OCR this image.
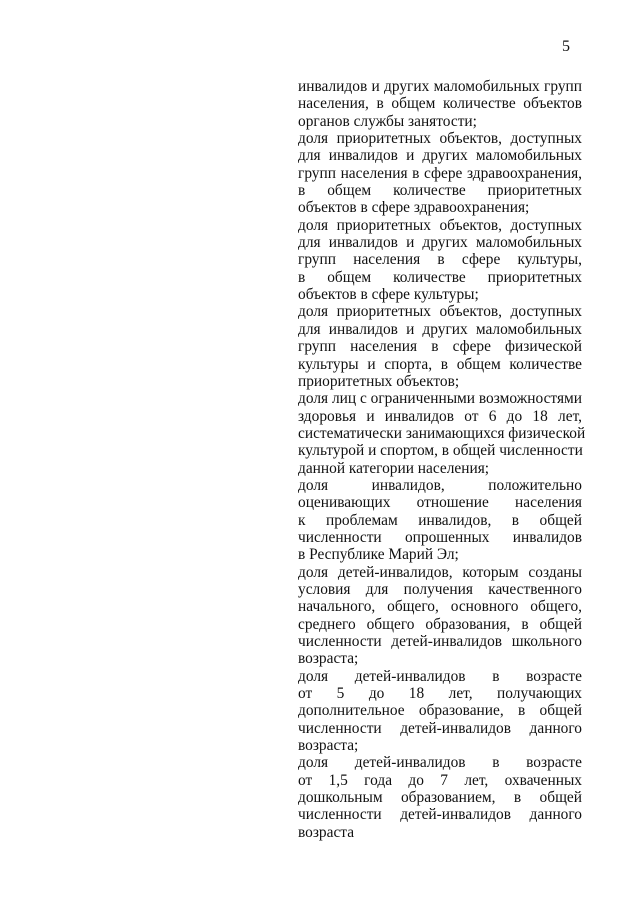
5
инвалидов и других маломобильных групп
населения, в общем количестве объектов
органов службы занятости;
доля приоритетных объектов, доступных
для инвалидов и других маломобильных
групп населения в сфере здравоохранения,
в общем количестве приоритетных
объектов в сфере здравоохранения;
доля приоритетных объектов, доступных
для инвалидов и других маломобильных
групп населения в сфере культуры,
в общем количестве приоритетных
объектов в сфере культуры;
доля приоритетных объектов, доступных
для инвалидов и других маломобильных
групп населения в сфере физической
культуры и спорта, в общем количестве
приоритетных объектов;
доля лиц с ограниченными возможностями
здоровья и инвалидов от 6 до 18 лет,
систематически занимающихся физической
культурой и спортом, в общей численности
данной категории населения;
доля инвалидов, положительно
оценивающих отношение населения
к проблемам инвалидов, в общей
численности опрошенных инвалидов
в Республике Марий Эл;
доля детей-инвалидов, которым созданы
условия для получения качественного
начального, общего, основного общего,
среднего общего образования, в общей
численности детей-инвалидов школьного
возраста;
доля детей-инвалидов в возрасте
от 5 до 18 лет, получающих
дополнительное образование, в общей
численности детей-инвалидов данного
возраста;
доля детей-инвалидов в возрасте
от 1,5 года до 7 лет, охваченных
дошкольным образованием, в общей
численности детей-инвалидов данного
возраста
